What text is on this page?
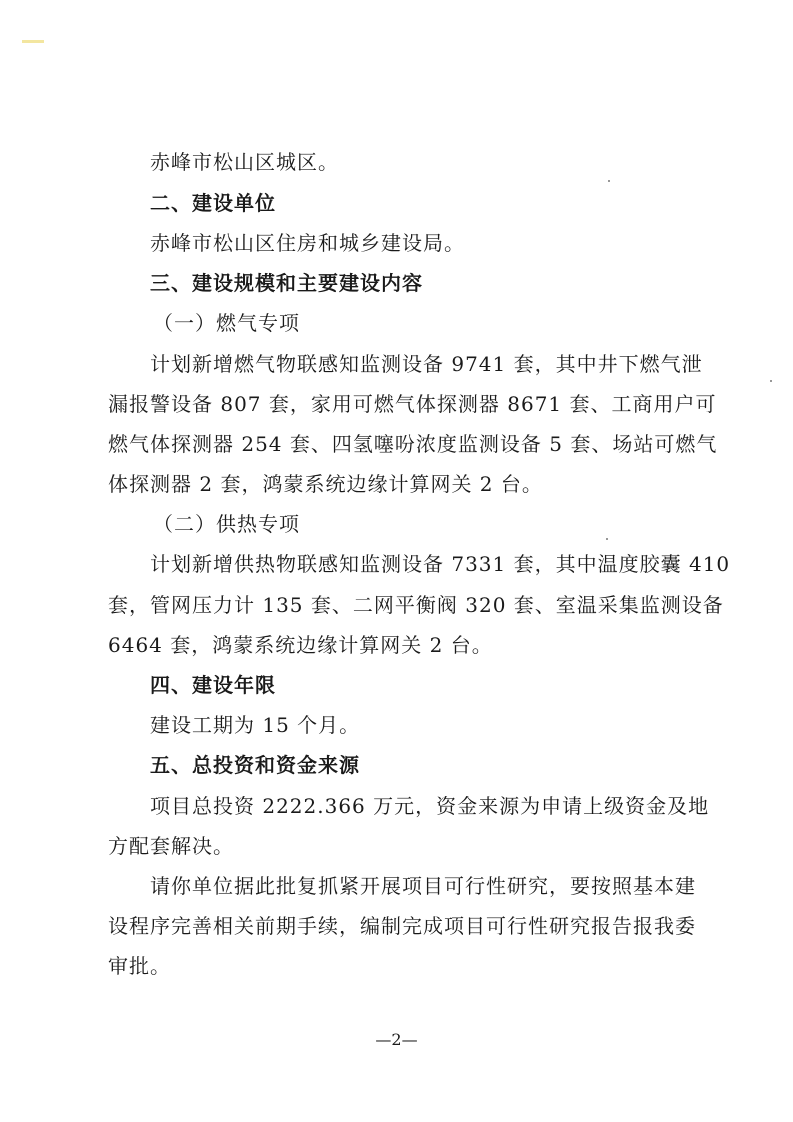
赤峰市松山区城区。
二、建设单位
赤峰市松山区住房和城乡建设局。
三、建设规模和主要建设内容
（一）燃气专项
计划新增燃气物联感知监测设备 9741 套，其中井下燃气泄
漏报警设备 807 套，家用可燃气体探测器 8671 套、工商用户可
燃气体探测器 254 套、四氢噻吩浓度监测设备 5 套、场站可燃气
体探测器 2 套，鸿蒙系统边缘计算网关 2 台。
（二）供热专项
计划新增供热物联感知监测设备 7331 套，其中温度胶囊 410
套，管网压力计 135 套、二网平衡阀 320 套、室温采集监测设备
6464 套，鸿蒙系统边缘计算网关 2 台。
四、建设年限
建设工期为 15 个月。
五、总投资和资金来源
项目总投资 2222.366 万元，资金来源为申请上级资金及地
方配套解决。
请你单位据此批复抓紧开展项目可行性研究，要按照基本建
设程序完善相关前期手续，编制完成项目可行性研究报告报我委
审批。
—2—
